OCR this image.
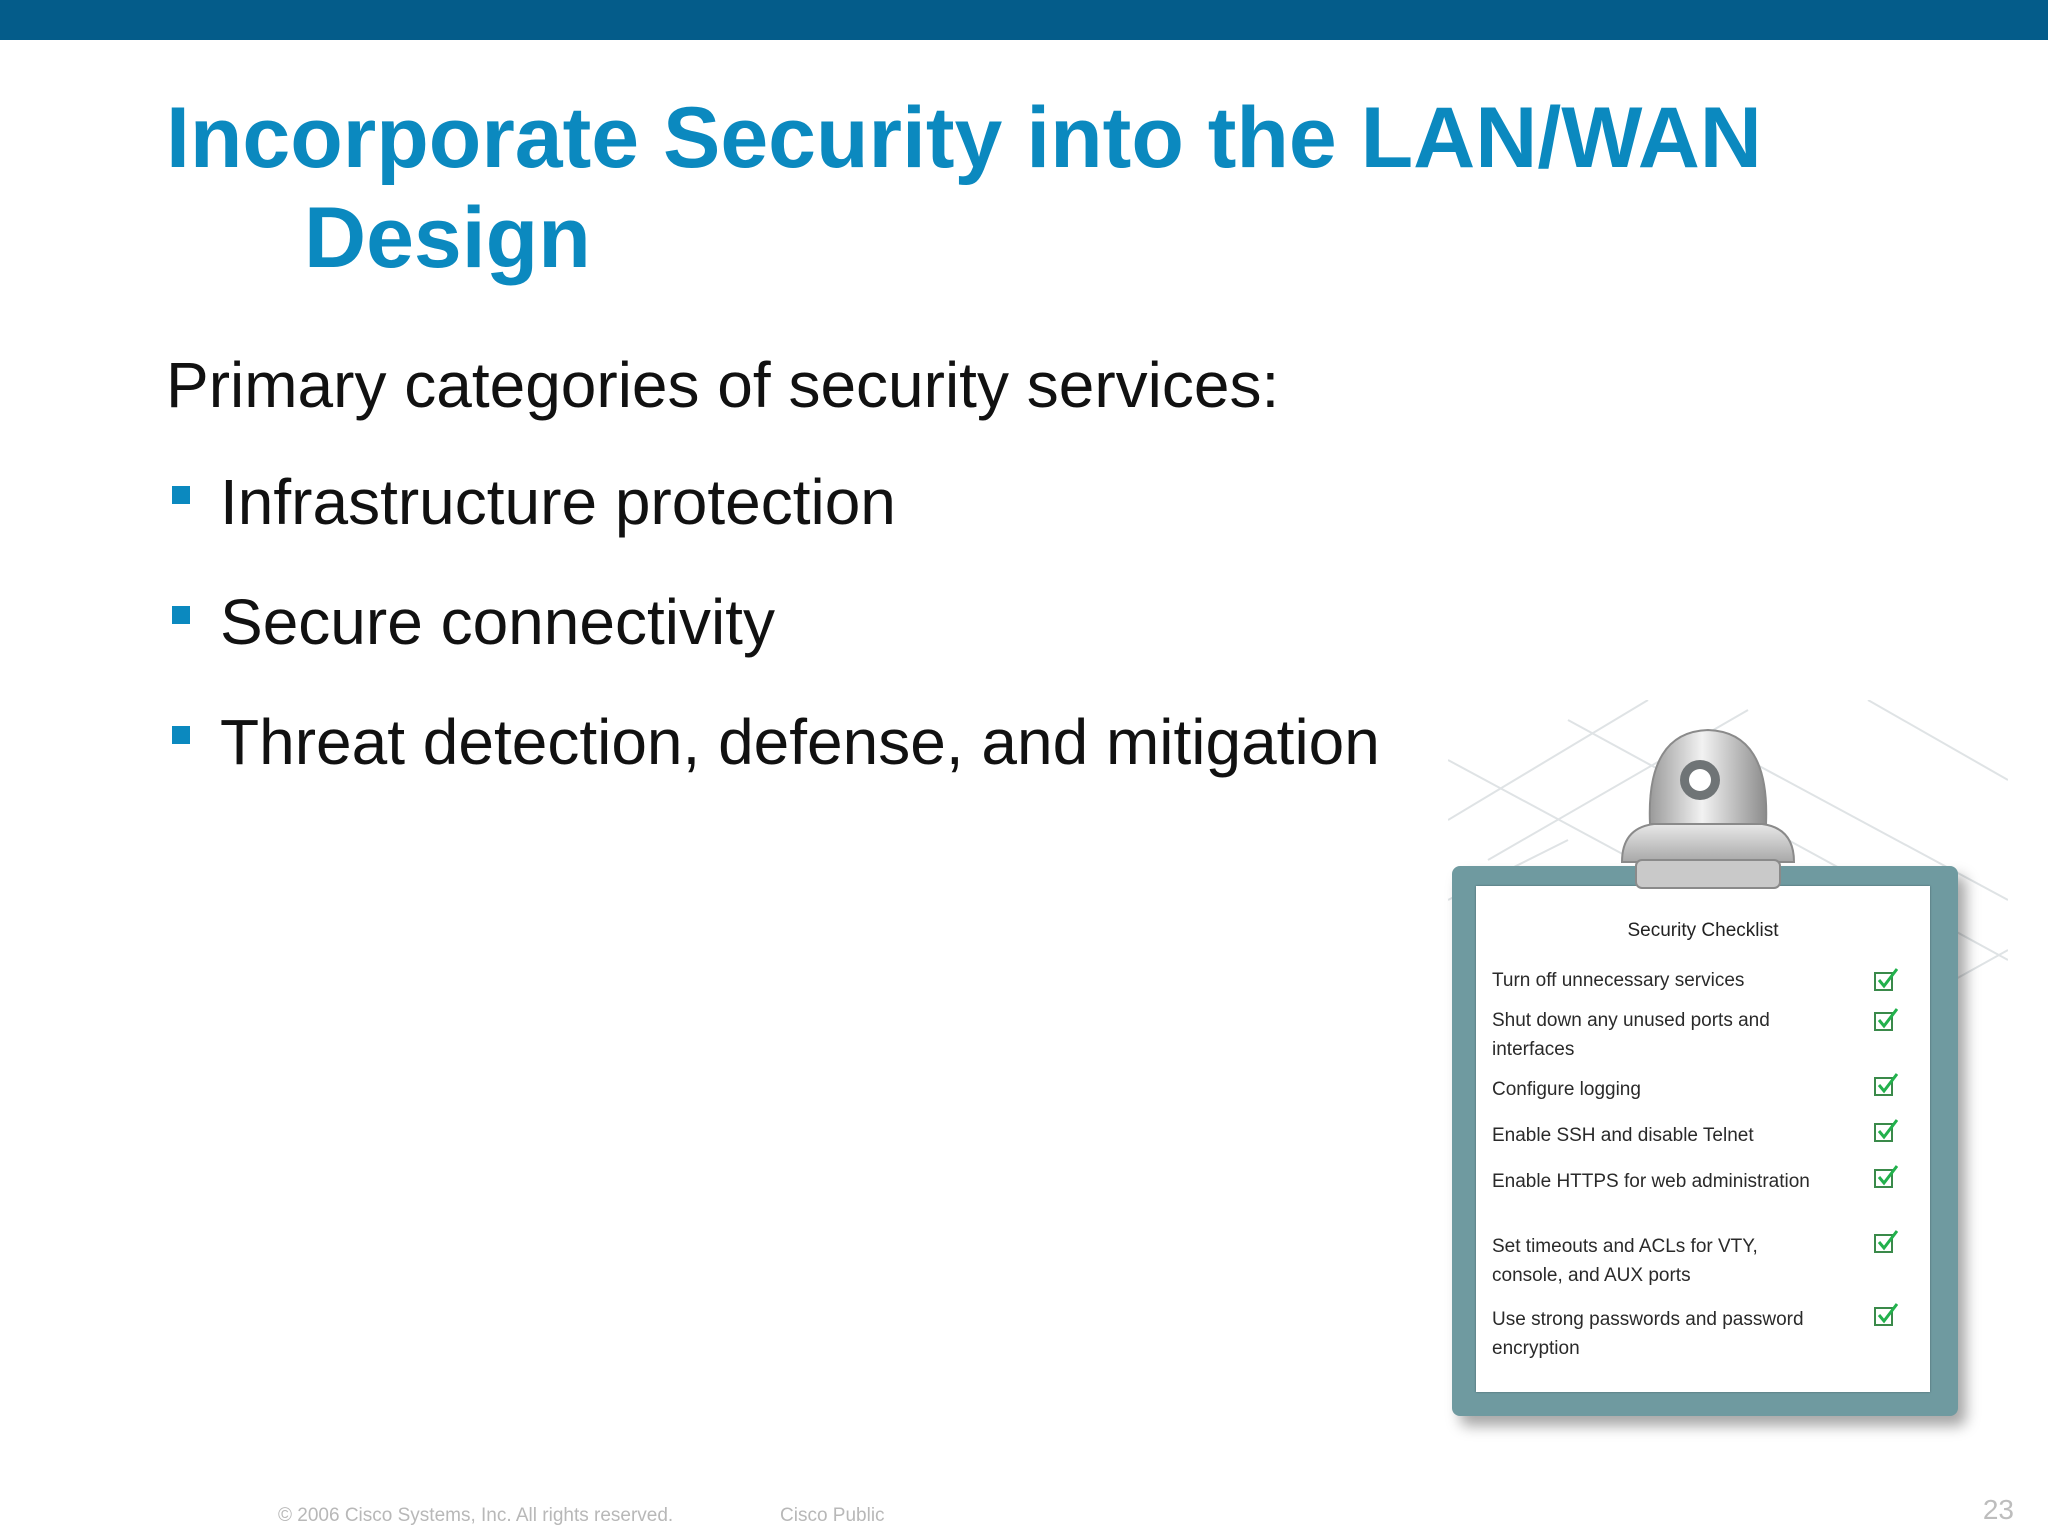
Incorporate Security into the LAN/WAN
Design
Primary categories of security services:
Infrastructure protection
Secure connectivity
Threat detection, defense, and mitigation
Security Checklist
Turn off unnecessary services
Shut down any unused ports and
interfaces
Configure logging
Enable SSH and disable Telnet
Enable HTTPS for web administration
Set timeouts and ACLs for VTY,
console, and AUX ports
Use strong passwords and password
encryption
© 2006 Cisco Systems, Inc. All rights reserved.	Cisco Public	23
